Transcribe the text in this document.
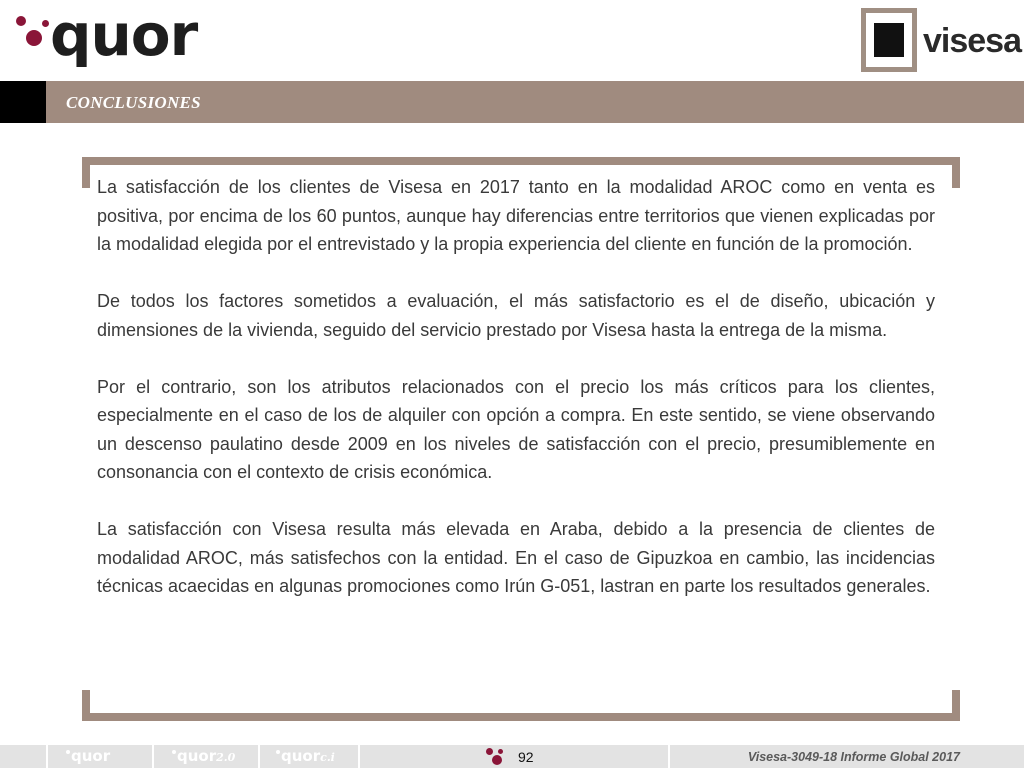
quor	visesa
CONCLUSIONES

La satisfacción de los clientes de Visesa en 2017 tanto en la modalidad AROC como en venta es positiva, por encima de los 60 puntos, aunque hay diferencias entre territorios que vienen explicadas por la modalidad elegida por el entrevistado y la propia experiencia del cliente en función de la promoción.

De todos los factores sometidos a evaluación, el más satisfactorio es el de diseño, ubicación y dimensiones de la vivienda, seguido del servicio prestado por Visesa hasta la entrega de la misma.

Por el contrario, son los atributos relacionados con el precio los más críticos para los clientes, especialmente en el caso de los de alquiler con opción a compra. En este sentido, se viene observando un descenso paulatino desde 2009 en los niveles de satisfacción con el precio, presumiblemente en consonancia con el contexto de crisis económica.

La satisfacción con Visesa resulta más elevada en Araba, debido a la presencia de clientes de modalidad AROC, más satisfechos con la entidad. En el caso de Gipuzkoa en cambio, las incidencias técnicas acaecidas en algunas promociones como Irún G-051, lastran en parte los resultados generales.

quor	quor2.0	quorc.i	92	Visesa-3049-18 Informe Global 2017
